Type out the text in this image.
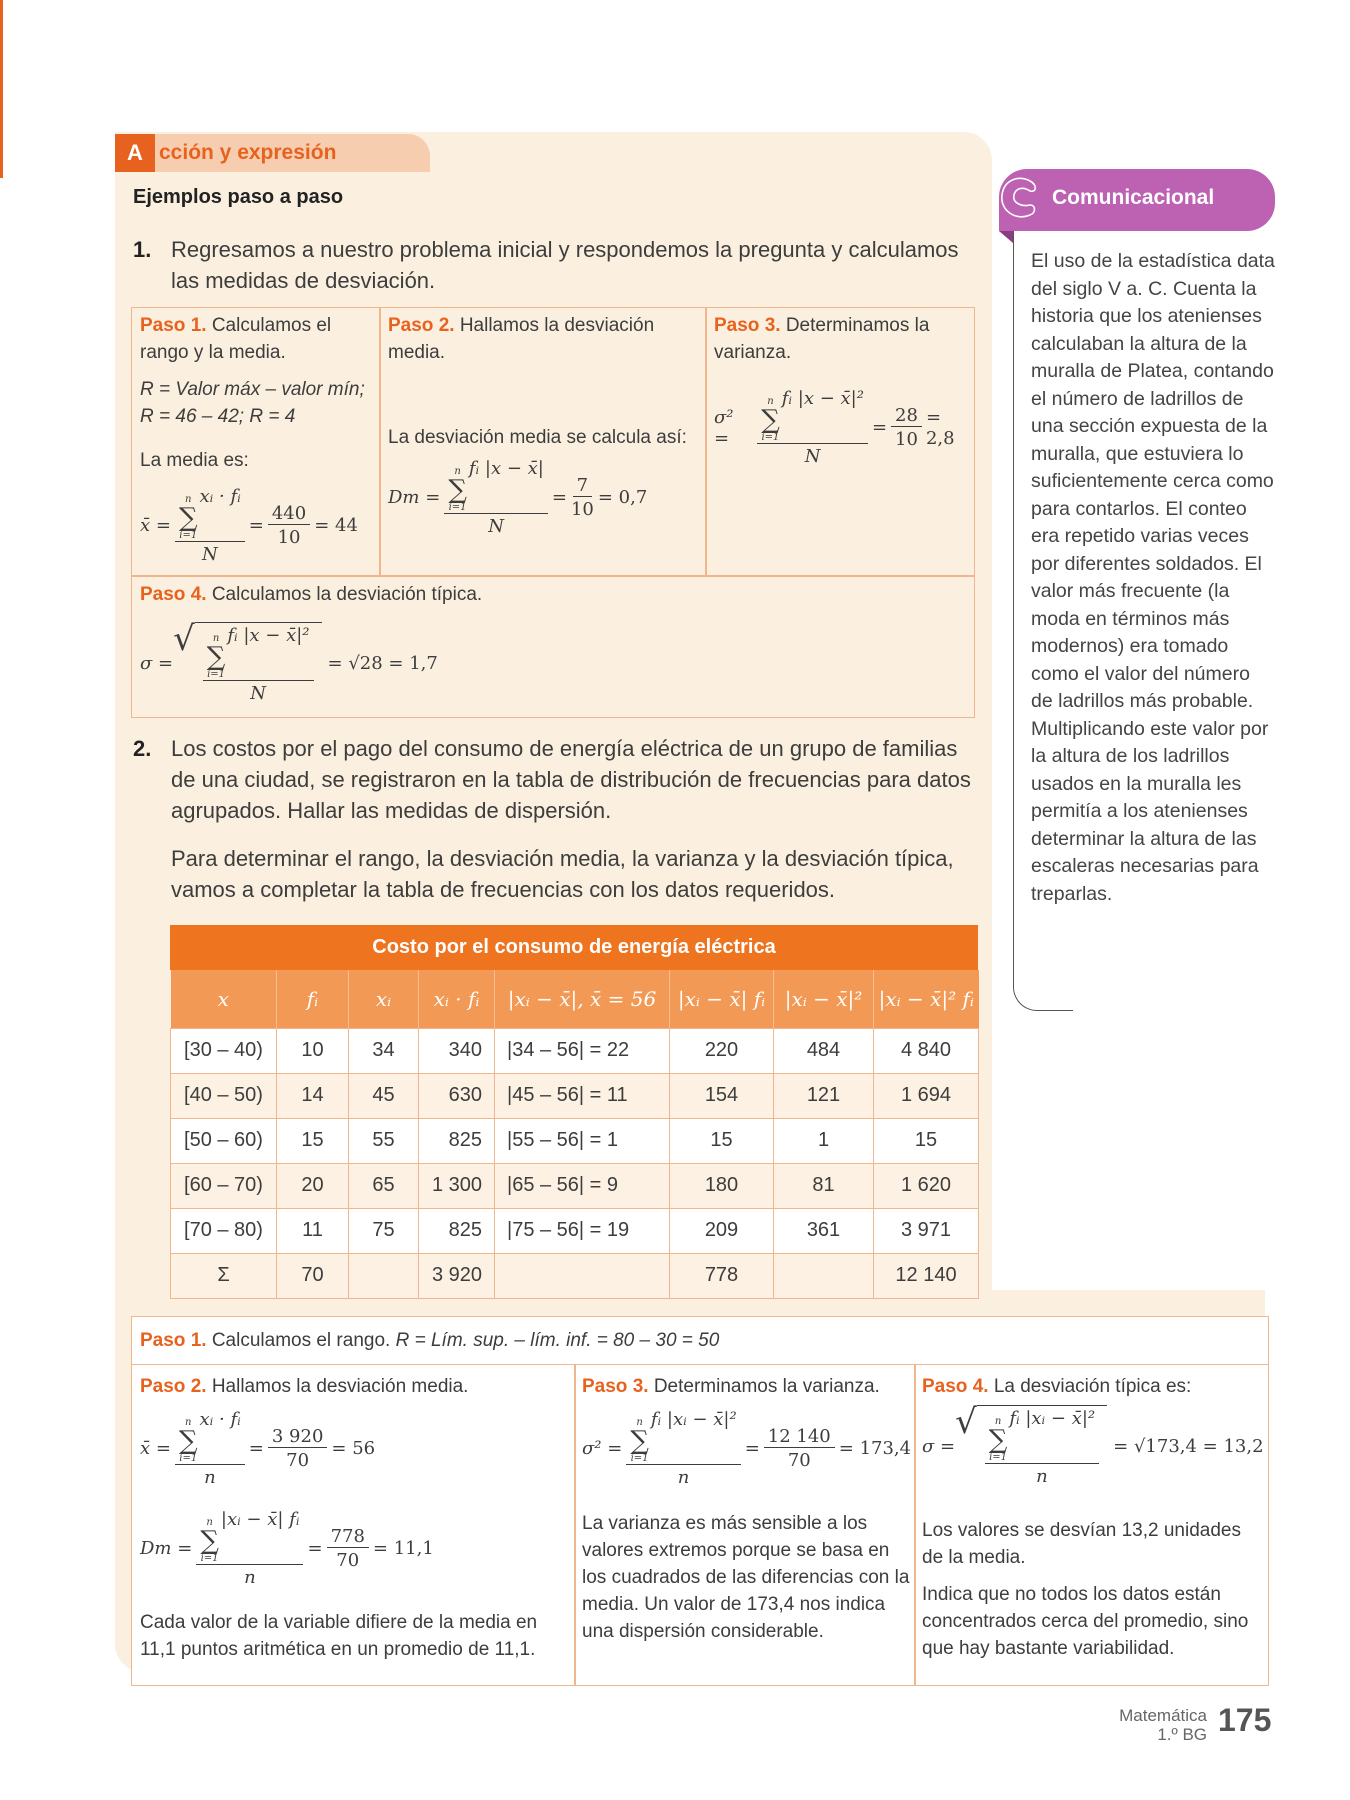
A cción y expresión
Ejemplos paso a paso
1. Regresamos a nuestro problema inicial y respondemos la pregunta y calculamos las medidas de desviación.
Paso 1. Calculamos el rango y la media.
R = Valor máx – valor mín;
R = 46 – 42; R = 4
La media es:
x̄ = n
∑
i=1
xᵢ · fᵢ
$N = \frac{440}{10} = 44$
Paso 2. Hallamos la desviación media.
La desviación media se calcula así:
Dm = n
∑
i=1
fᵢ |x − x̄|
$N = \frac{7}{10} = 0,7$
Paso 3. Determinamos la varianza.
σ² =	n
∑
i=1
fᵢ |x − x̄|²
$N = \frac{28}{10} = 2,8$
Paso 4. Calculamos la desviación típica.
σ =
√ n
∑
i=1
fᵢ |x − x̄|²
N = √28 = 1,7
2. Los costos por el pago del consumo de energía eléctrica de un grupo de familias de una ciudad, se registraron en la tabla de distribución de frecuencias para datos agrupados. Hallar las medidas de dispersión.
Para determinar el rango, la desviación media, la varianza y la desviación típica, vamos a completar la tabla de frecuencias con los datos requeridos.
Costo por el consumo de energía eléctrica
x	fᵢ	xᵢ	xᵢ · fᵢ	|xᵢ − x̄|, x̄ = 56	|xᵢ − x̄| fᵢ	|xᵢ − x̄|²	|xᵢ − x̄|² fᵢ
[30 – 40)	10	34	340	|34 – 56| = 22	220	484	4 840
[40 – 50)	14	45	630	|45 – 56| = 11	154	121	1 694
[50 – 60)	15	55	825	|55 – 56| = 1	15	1	15
[60 – 70)	20	65	1 300	|65 – 56| = 9	180	81	1 620
[70 – 80)	11	75	825	|75 – 56| = 19	209	361	3 971
Σ	70		3 920		778		12 140
Paso 1. Calculamos el rango. R = Lím. sup. – lím. inf. = 80 – 30 = 50
Paso 2. Hallamos la desviación media.
x̄ = n
∑
i=1
xᵢ · fᵢ
$n = \frac{3 920}{70} = 56$
Dm = n
∑
i=1
|xᵢ − x̄| fᵢ
$n = \frac{778}{70} = 11,1$
Cada valor de la variable difiere de la media en 11,1 puntos aritmética en un promedio de 11,1.
Paso 3. Determinamos la varianza.
σ² = n
∑
i=1
fᵢ |xᵢ − x̄|²
$n = \frac{12 140}{70} = 173,4$
La varianza es más sensible a los valores extremos porque se basa en los cuadrados de las diferencias con la media. Un valor de 173,4 nos indica una dispersión considerable.
Paso 4. La desviación típica es:
σ =
√ n
∑
i=1
fᵢ |xᵢ − x̄|²
n = √173,4 = 13,2
Los valores se desvían 13,2 unidades de la media.
Indica que no todos los datos están concentrados cerca del promedio, sino que hay bastante variabilidad.
Comunicacional
El uso de la estadística data del siglo V a. C. Cuenta la historia que los atenienses calculaban la altura de la muralla de Platea, contando el número de ladrillos de una sección expuesta de la muralla, que estuviera lo suficientemente cerca como para contarlos. El conteo era repetido varias veces por diferentes soldados. El valor más frecuente (la moda en términos más modernos) era tomado como el valor del número de ladrillos más probable. Multiplicando este valor por la altura de los ladrillos usados en la muralla les permitía a los atenienses determinar la altura de las escaleras necesarias para treparlas.
Matemática
1.º BG 175
